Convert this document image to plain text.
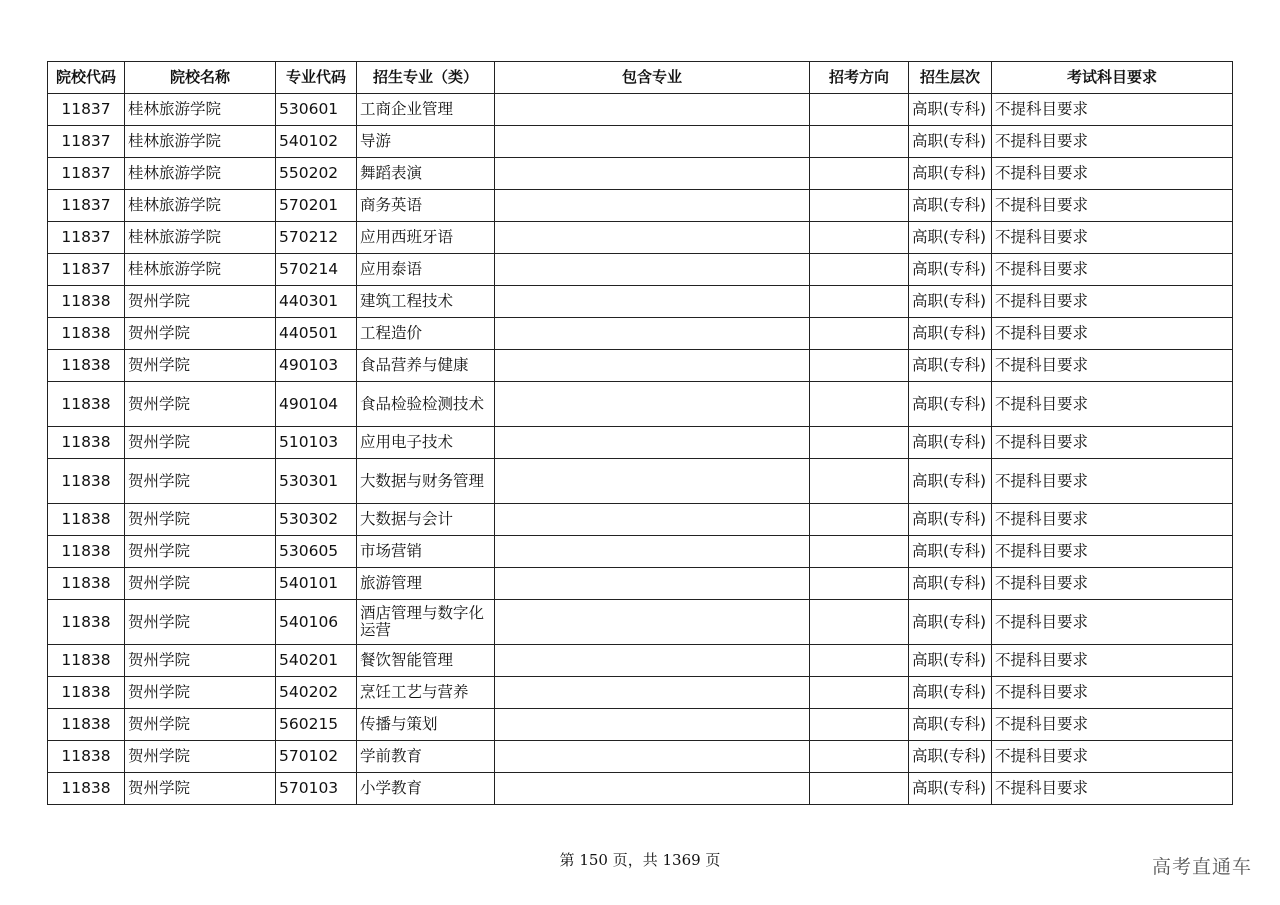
院校代码	院校名称	专业代码	招生专业（类）	包含专业	招考方向	招生层次	考试科目要求
11837	桂林旅游学院	530601	工商企业管理			高职(专科)	不提科目要求
11837	桂林旅游学院	540102	导游			高职(专科)	不提科目要求
11837	桂林旅游学院	550202	舞蹈表演			高职(专科)	不提科目要求
11837	桂林旅游学院	570201	商务英语			高职(专科)	不提科目要求
11837	桂林旅游学院	570212	应用西班牙语			高职(专科)	不提科目要求
11837	桂林旅游学院	570214	应用泰语			高职(专科)	不提科目要求
11838	贺州学院	440301	建筑工程技术			高职(专科)	不提科目要求
11838	贺州学院	440501	工程造价			高职(专科)	不提科目要求
11838	贺州学院	490103	食品营养与健康			高职(专科)	不提科目要求
11838	贺州学院	490104	食品检验检测技术			高职(专科)	不提科目要求
11838	贺州学院	510103	应用电子技术			高职(专科)	不提科目要求
11838	贺州学院	530301	大数据与财务管理			高职(专科)	不提科目要求
11838	贺州学院	530302	大数据与会计			高职(专科)	不提科目要求
11838	贺州学院	530605	市场营销			高职(专科)	不提科目要求
11838	贺州学院	540101	旅游管理			高职(专科)	不提科目要求
11838	贺州学院	540106	酒店管理与数字化运营			高职(专科)	不提科目要求
11838	贺州学院	540201	餐饮智能管理			高职(专科)	不提科目要求
11838	贺州学院	540202	烹饪工艺与营养			高职(专科)	不提科目要求
11838	贺州学院	560215	传播与策划			高职(专科)	不提科目要求
11838	贺州学院	570102	学前教育			高职(专科)	不提科目要求
11838	贺州学院	570103	小学教育			高职(专科)	不提科目要求
第 150 页，共 1369 页	高考直通车
